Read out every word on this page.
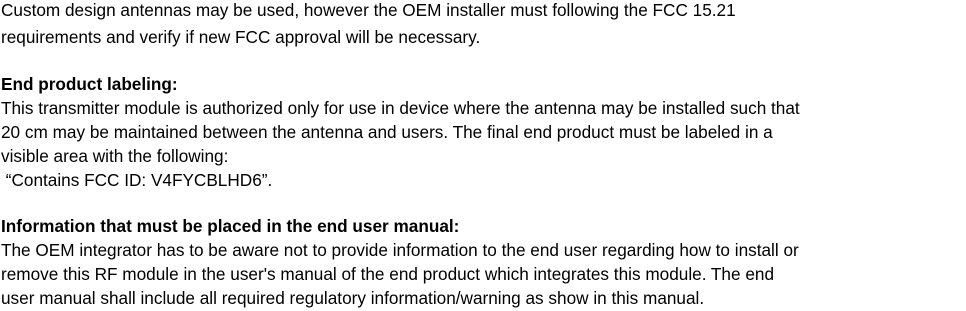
Custom design antennas may be used, however the OEM installer must following the FCC 15.21
requirements and verify if new FCC approval will be necessary.
End product labeling:
This transmitter module is authorized only for use in device where the antenna may be installed such that
20 cm may be maintained between the antenna and users. The final end product must be labeled in a
visible area with the following:
“Contains FCC ID: V4FYCBLHD6”.
Information that must be placed in the end user manual:
The OEM integrator has to be aware not to provide information to the end user regarding how to install or
remove this RF module in the user's manual of the end product which integrates this module. The end
user manual shall include all required regulatory information/warning as show in this manual.
